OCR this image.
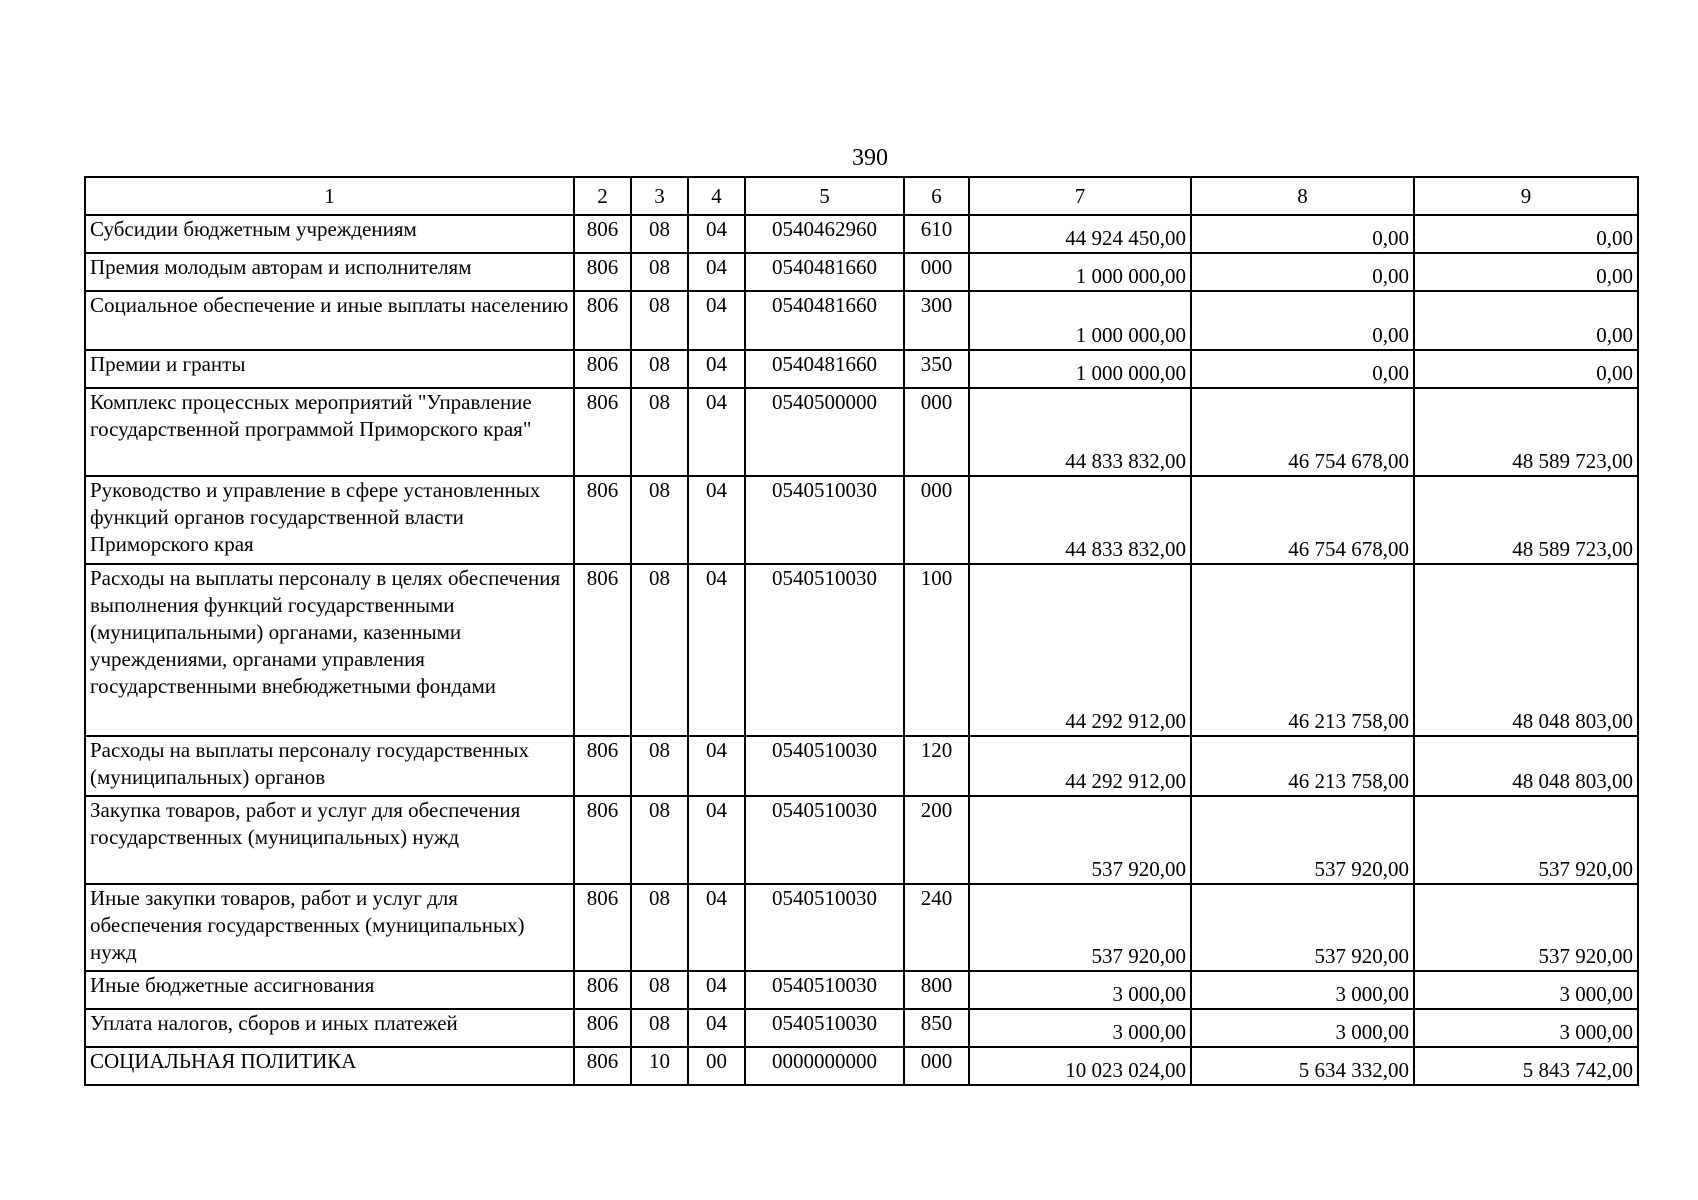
390
1	2	3	4	5	6	7	8	9
Субсидии бюджетным учреждениям	806	08	04	0540462960	610	44 924 450,00	0,00	0,00
Премия молодым авторам и исполнителям	806	08	04	0540481660	000	1 000 000,00	0,00	0,00
Социальное обеспечение и иные выплаты населению	806	08	04	0540481660	300	1 000 000,00	0,00	0,00
Премии и гранты	806	08	04	0540481660	350	1 000 000,00	0,00	0,00
Комплекс процессных мероприятий "Управление государственной программой Приморского края"	806	08	04	0540500000	000	44 833 832,00	46 754 678,00	48 589 723,00
Руководство и управление в сфере установленных функций органов государственной власти Приморского края	806	08	04	0540510030	000	44 833 832,00	46 754 678,00	48 589 723,00
Расходы на выплаты персоналу в целях обеспечения выполнения функций государственными (муниципальными) органами, казенными учреждениями, органами управления государственными внебюджетными фондами	806	08	04	0540510030	100	44 292 912,00	46 213 758,00	48 048 803,00
Расходы на выплаты персоналу государственных (муниципальных) органов	806	08	04	0540510030	120	44 292 912,00	46 213 758,00	48 048 803,00
Закупка товаров, работ и услуг для обеспечения государственных (муниципальных) нужд	806	08	04	0540510030	200	537 920,00	537 920,00	537 920,00
Иные закупки товаров, работ и услуг для обеспечения государственных (муниципальных) нужд	806	08	04	0540510030	240	537 920,00	537 920,00	537 920,00
Иные бюджетные ассигнования	806	08	04	0540510030	800	3 000,00	3 000,00	3 000,00
Уплата налогов, сборов и иных платежей	806	08	04	0540510030	850	3 000,00	3 000,00	3 000,00
СОЦИАЛЬНАЯ ПОЛИТИКА	806	10	00	0000000000	000	10 023 024,00	5 634 332,00	5 843 742,00
